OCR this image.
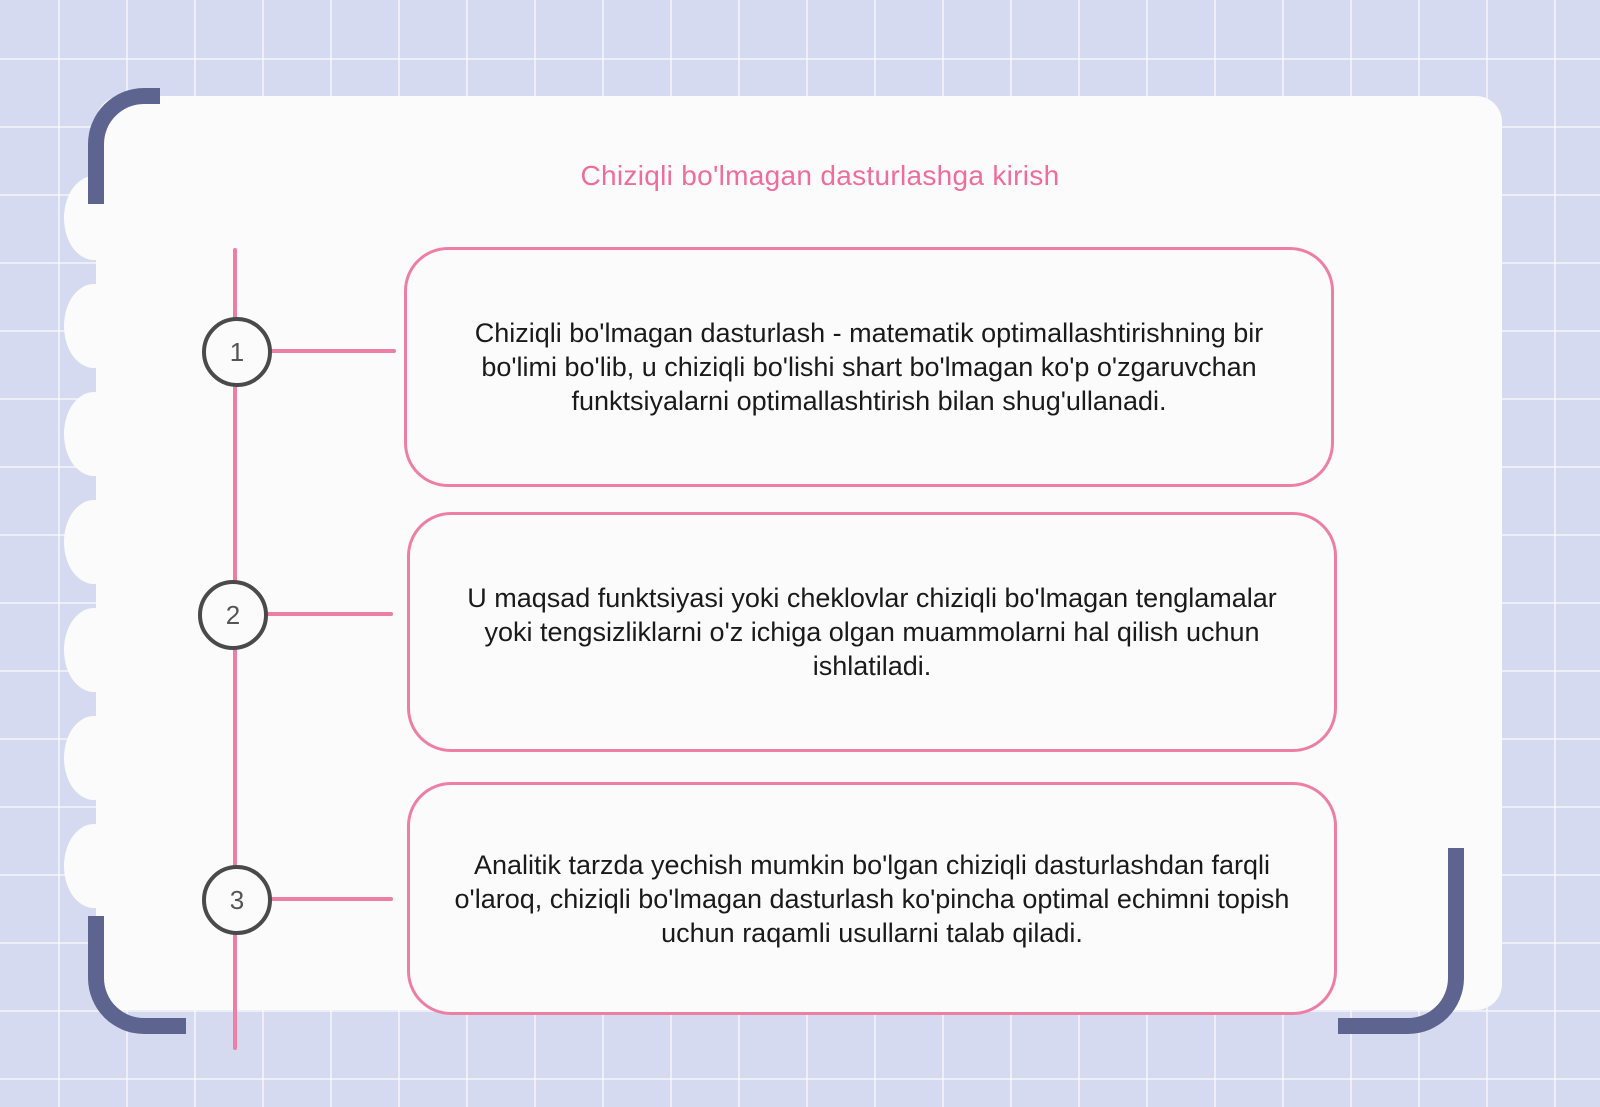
Chiziqli bo'lmagan dasturlashga kirish
1
Chiziqli bo'lmagan dasturlash - matematik optimallashtirishning bir bo'limi bo'lib, u chiziqli bo'lishi shart bo'lmagan ko'p o'zgaruvchan funktsiyalarni optimallashtirish bilan shug'ullanadi.
2
U maqsad funktsiyasi yoki cheklovlar chiziqli bo'lmagan tenglamalar yoki tengsizliklarni o'z ichiga olgan muammolarni hal qilish uchun ishlatiladi.
3
Analitik tarzda yechish mumkin bo'lgan chiziqli dasturlashdan farqli o'laroq, chiziqli bo'lmagan dasturlash ko'pincha optimal echimni topish uchun raqamli usullarni talab qiladi.
